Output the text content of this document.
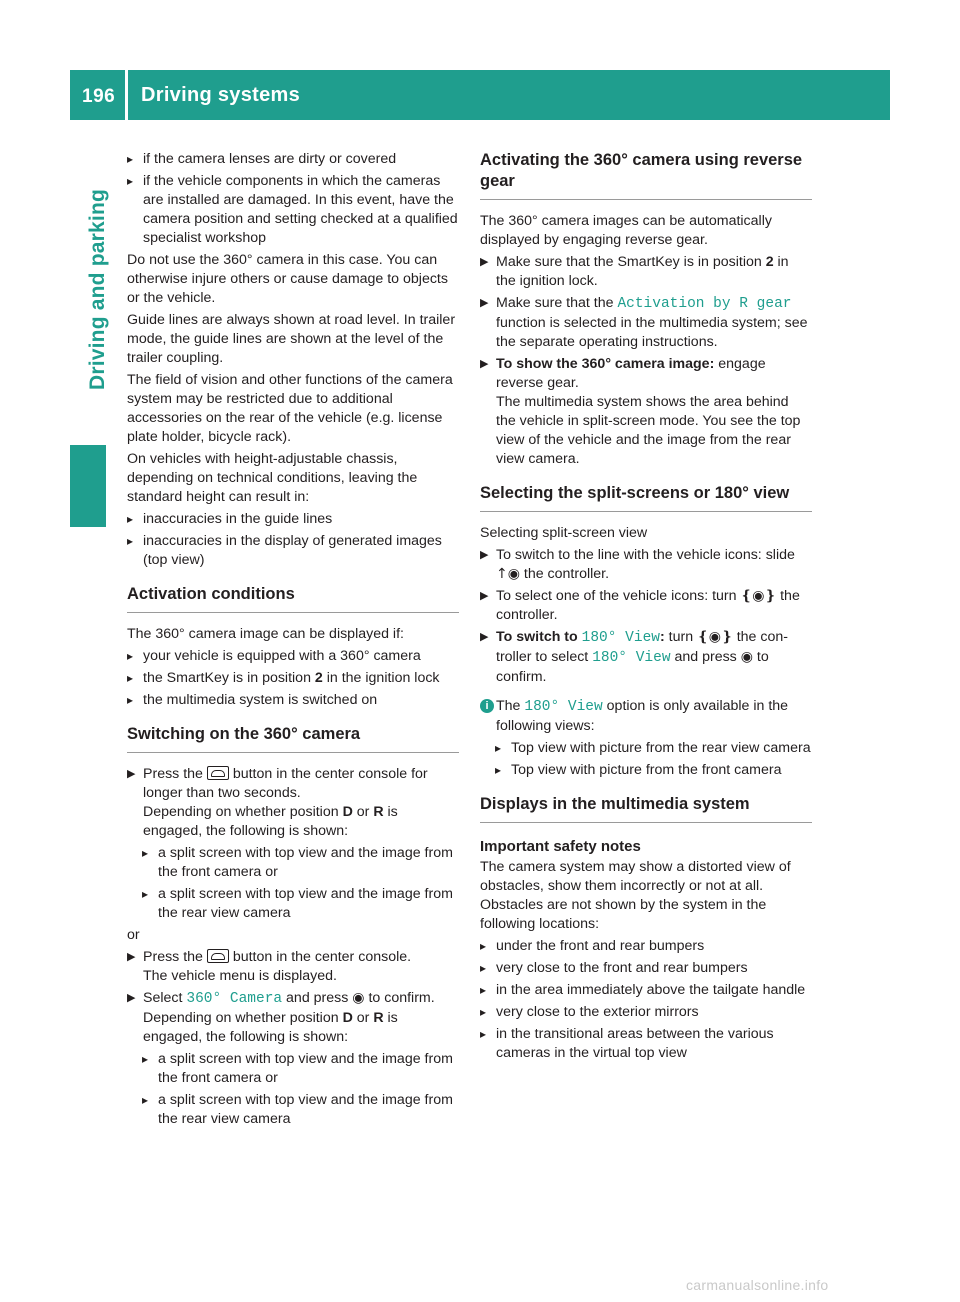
196 Driving systems
Driving and parking
▸ if the camera lenses are dirty or covered
▸ if the vehicle components in which the cameras are installed are damaged. In this event, have the camera position and setting checked at a qualified specialist workshop

Do not use the 360° camera in this case. You can otherwise injure others or cause damage to objects or the vehicle.

Guide lines are always shown at road level. In trailer mode, the guide lines are shown at the level of the trailer coupling.

The field of vision and other functions of the camera system may be restricted due to additional accessories on the rear of the vehicle (e.g. license plate holder, bicycle rack).

On vehicles with height-adjustable chassis, depending on technical conditions, leaving the standard height can result in:

▸ inaccuracies in the guide lines
▸ inaccuracies in the display of generated images (top view)
Activation conditions

The 360° camera image can be displayed if:

▸ your vehicle is equipped with a 360° camera
▸ the SmartKey is in position 2 in the ignition lock
▸ the multimedia system is switched on
Switching on the 360° camera
▶ Press the  button in the center console for longer than two seconds.
Depending on whether position D or R is engaged, the following is shown:
▸ a split screen with top view and the image from the front camera or
▸ a split screen with top view and the image from the rear view camera

or

▶ Press the  button in the center console.
The vehicle menu is displayed.
▶ Select 360° Camera and press ◉ to confirm.
Depending on whether position D or R is engaged, the following is shown:
▸ a split screen with top view and the image from the front camera or
▸ a split screen with top view and the image from the rear view camera
Activating the 360° camera using reverse gear

The 360° camera images can be automatically displayed by engaging reverse gear.

▶ Make sure that the SmartKey is in position 2 in the ignition lock.
▶ Make sure that the Activation by R gear function is selected in the multimedia system; see the separate operating instructions.
▶ To show the 360° camera image: engage reverse gear.
The multimedia system shows the area behind the vehicle in split-screen mode. You see the top view of the vehicle and the image from the rear view camera.
Selecting the split-screens or 180° view

Selecting split-screen view

▶ To switch to the line with the vehicle icons: slide ↑◉ the controller.
▶ To select one of the vehicle icons: turn ❴◉❵ the controller.
▶ To switch to 180° View: turn ❴◉❵ the controller to select 180° View and press ◉ to confirm.
i The 180° View option is only available in the following views:
▸ Top view with picture from the rear view camera
▸ Top view with picture from the front camera
Displays in the multimedia system
Important safety notes

The camera system may show a distorted view of obstacles, show them incorrectly or not at all. Obstacles are not shown by the system in the following locations:

▸ under the front and rear bumpers
▸ very close to the front and rear bumpers
▸ in the area immediately above the tailgate handle
▸ very close to the exterior mirrors
▸ in the transitional areas between the various cameras in the virtual top view
carmanualsonline.info
